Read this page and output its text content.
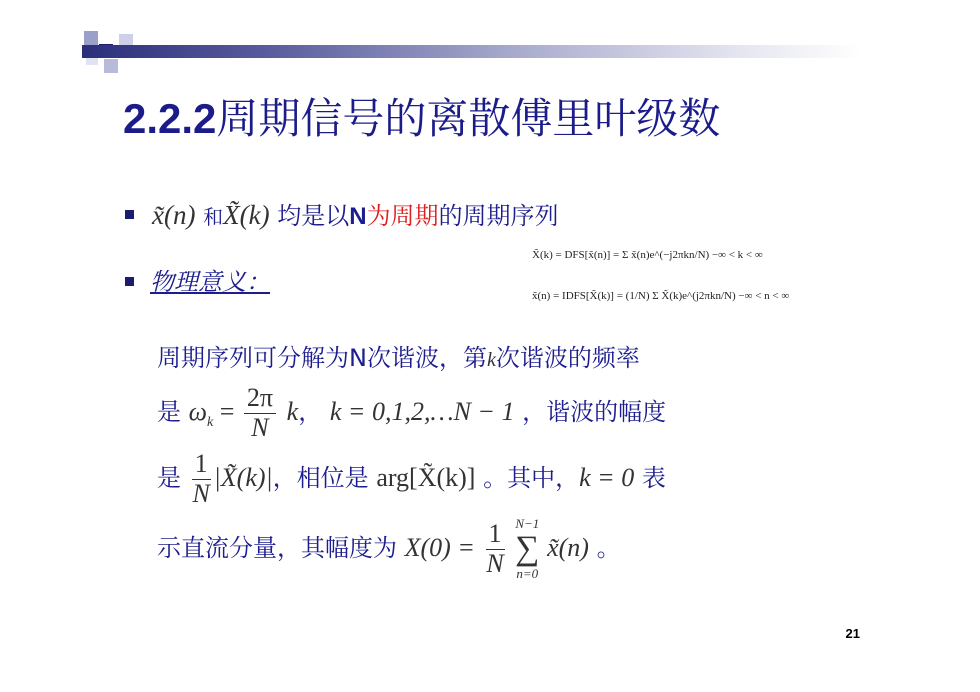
2.2.2周期信号的离散傅里叶级数
x̃(n) 和X̃(k) 均是以N为周期的周期序列
X̃(k) = DFS[x̃(n)] = Σ x̃(n)e^(−j2πkn/N) −∞ < k < ∞
x̃(n) = IDFS[X̃(k)] = (1/N) Σ X̃(k)e^(j2πkn/N) −∞ < n < ∞
物理意义：
周期序列可分解为N次谐波，第k次谐波的频率
是 $\omega_k = \frac{2\pi}{N}$ k， k = 0,1,2,…N − 1 ，谐波的幅度
是 $\frac{1}{N}$ |X̃(k)|，相位是 arg[X̃(k)] 。其中，k = 0 表
示直流分量，其幅度为 $X(0) = \frac{1}{N}$
N−1
∑
n=0
x̃(n) 。
21
